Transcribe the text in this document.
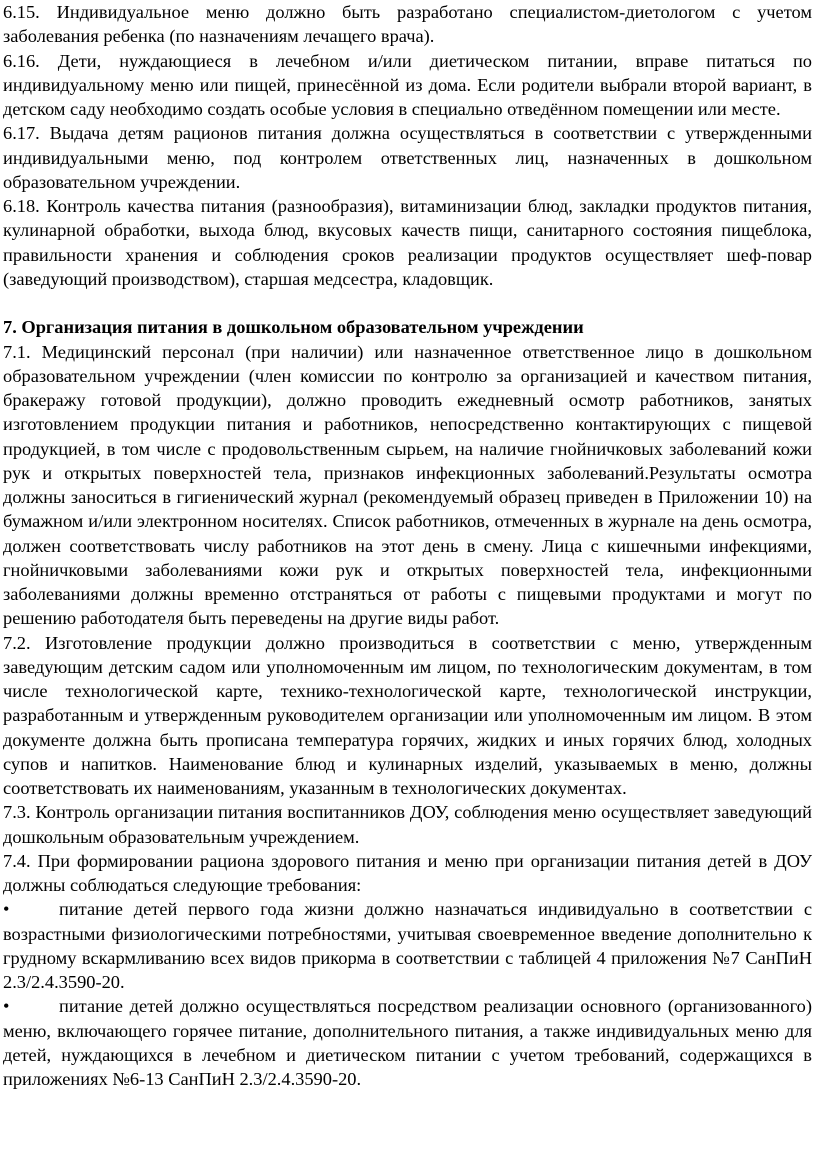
6.15. Индивидуальное меню должно быть разработано специалистом-диетологом с учетом заболевания ребенка (по назначениям лечащего врача).

6.16. Дети, нуждающиеся в лечебном и/или диетическом питании, вправе питаться по индивидуальному меню или пищей, принесённой из дома. Если родители выбрали второй вариант, в детском саду необходимо создать особые условия в специально отведённом помещении или месте.

6.17. Выдача детям рационов питания должна осуществляться в соответствии с утвержденными индивидуальными меню, под контролем ответственных лиц, назначенных в дошкольном образовательном учреждении.

6.18. Контроль качества питания (разнообразия), витаминизации блюд, закладки продуктов питания, кулинарной обработки, выхода блюд, вкусовых качеств пищи, санитарного состояния пищеблока, правильности хранения и соблюдения сроков реализации продуктов осуществляет шеф-повар (заведующий производством), старшая медсестра, кладовщик.

7. Организация питания в дошкольном образовательном учреждении

7.1. Медицинский персонал (при наличии) или назначенное ответственное лицо в дошкольном образовательном учреждении (член комиссии по контролю за организацией и качеством питания, бракеражу готовой продукции), должно проводить ежедневный осмотр работников, занятых изготовлением продукции питания и работников, непосредственно контактирующих с пищевой продукцией, в том числе с продовольственным сырьем, на наличие гнойничковых заболеваний кожи рук и открытых поверхностей тела, признаков инфекционных заболеваний.Результаты осмотра должны заноситься в гигиенический журнал (рекомендуемый образец приведен в Приложении 10) на бумажном и/или электронном носителях. Список работников, отмеченных в журнале на день осмотра, должен соответствовать числу работников на этот день в смену. Лица с кишечными инфекциями, гнойничковыми заболеваниями кожи рук и открытых поверхностей тела, инфекционными заболеваниями должны временно отстраняться от работы с пищевыми продуктами и могут по решению работодателя быть переведены на другие виды работ.

7.2. Изготовление продукции должно производиться в соответствии с меню, утвержденным заведующим детским садом или уполномоченным им лицом, по технологическим документам, в том числе технологической карте, технико-технологической карте, технологической инструкции, разработанным и утвержденным руководителем организации или уполномоченным им лицом. В этом документе должна быть прописана температура горячих, жидких и иных горячих блюд, холодных супов и напитков. Наименование блюд и кулинарных изделий, указываемых в меню, должны соответствовать их наименованиям, указанным в технологических документах.

7.3. Контроль организации питания воспитанников ДОУ, соблюдения меню осуществляет заведующий дошкольным образовательным учреждением.

7.4. При формировании рациона здорового питания и меню при организации питания детей в ДОУ должны соблюдаться следующие требования:

•	питание детей первого года жизни должно назначаться индивидуально в соответствии с возрастными физиологическими потребностями, учитывая своевременное введение дополнительно к грудному вскармливанию всех видов прикорма в соответствии с таблицей 4 приложения №7 СанПиН 2.3/2.4.3590-20.

•	питание детей должно осуществляться посредством реализации основного (организованного) меню, включающего горячее питание, дополнительного питания, а также индивидуальных меню для детей, нуждающихся в лечебном и диетическом питании с учетом требований, содержащихся в приложениях №6-13 СанПиН 2.3/2.4.3590-20.
